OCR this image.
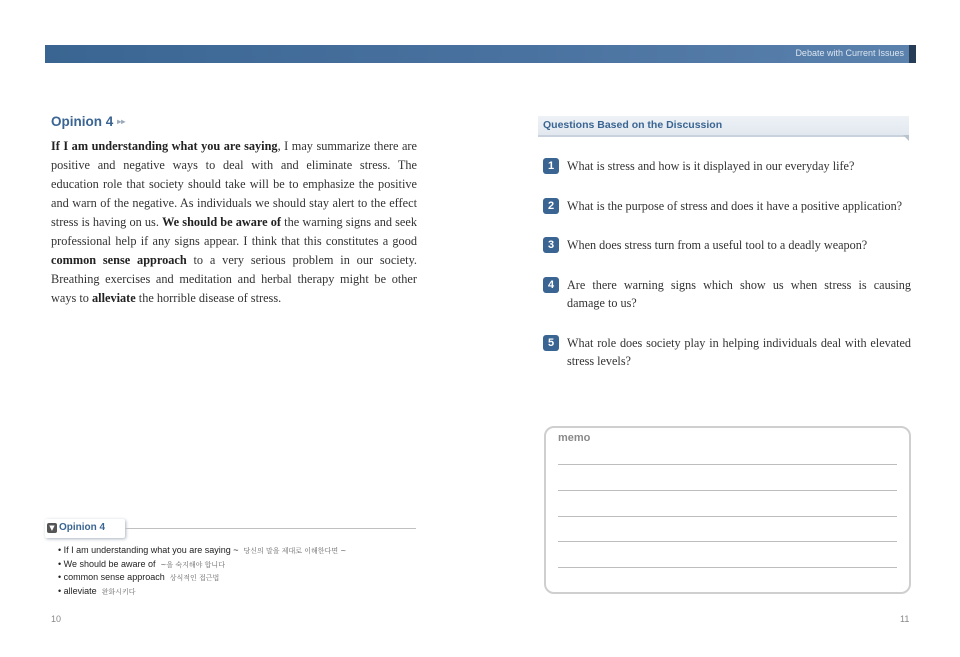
Debate with Current Issues
Opinion 4 ▸▸
If I am understanding what you are saying, I may summarize there are positive and negative ways to deal with and eliminate stress. The education role that society should take will be to emphasize the positive and warn of the negative. As individuals we should stay alert to the effect stress is having on us. We should be aware of the warning signs and seek professional help if any signs appear. I think that this constitutes a good common sense approach to a very serious problem in our society. Breathing exercises and meditation and herbal therapy might be other ways to alleviate the horrible disease of stress.
▼ Opinion 4
• If I am understanding what you are saying ~ 당신의 말을 제대로 이해한다면 ~
• We should be aware of ~을 숙지해야 합니다
• common sense approach 상식적인 접근법
• alleviate 완화시키다
10
Questions Based on the Discussion
1	What is stress and how is it displayed in our everyday life?
2	What is the purpose of stress and does it have a positive application?
3	When does stress turn from a useful tool to a deadly weapon?
4	Are there warning signs which show us when stress is causing damage to us?
5	What role does society play in helping individuals deal with elevated stress levels?
memo
11
